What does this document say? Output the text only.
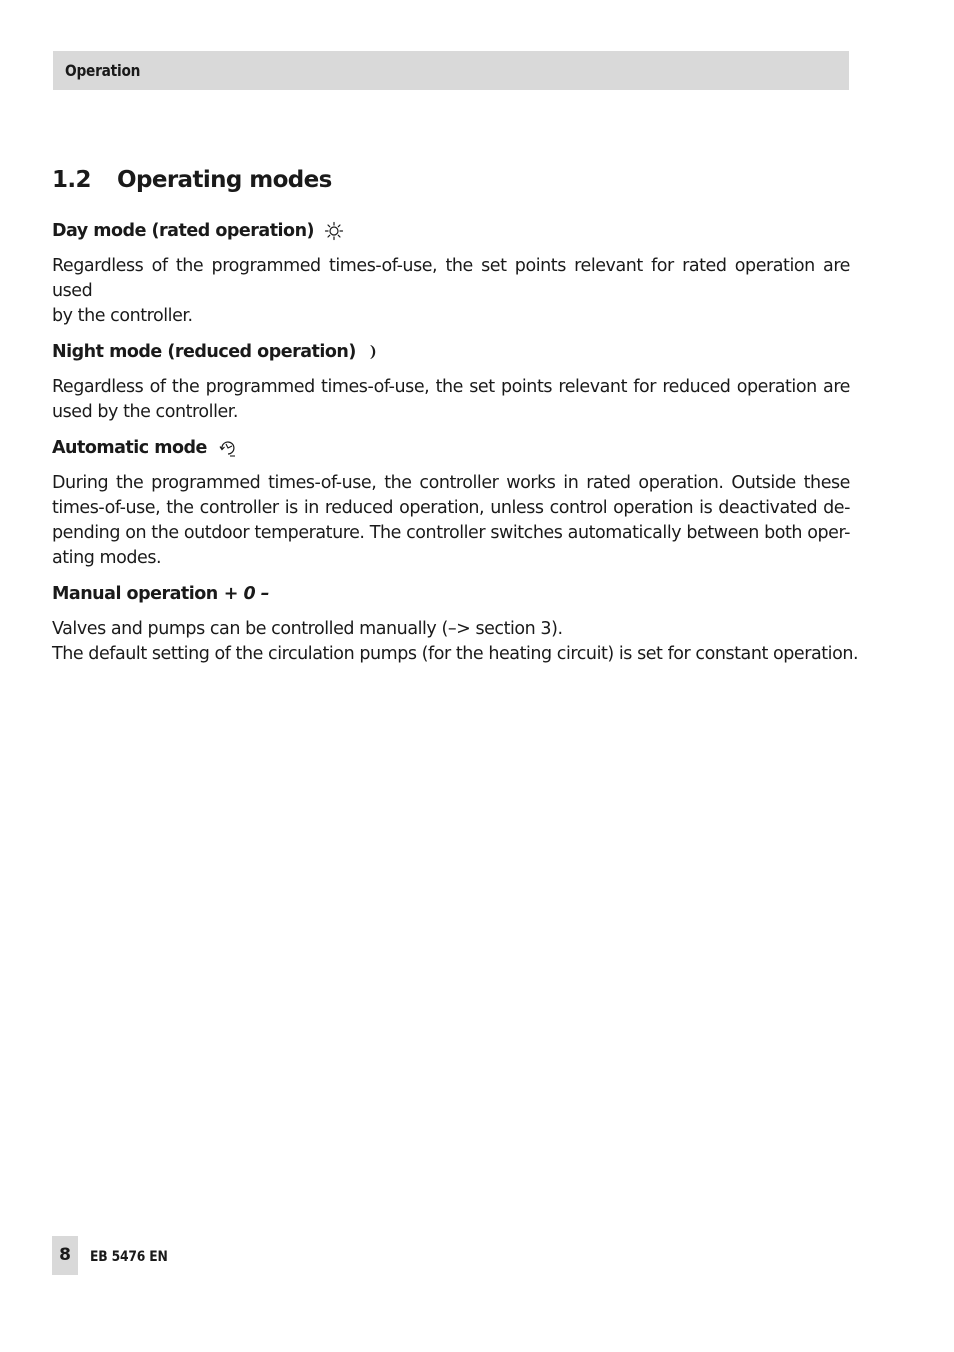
Operation
1.2	Operating modes
Day mode (rated operation)
Regardless of the programmed times-of-use, the set points relevant for rated operation are used
by the controller.
Night mode (reduced operation)
Regardless of the programmed times-of-use, the set points relevant for reduced operation are
used by the controller.
Automatic mode
During the programmed times-of-use, the controller works in rated operation. Outside these
times-of-use, the controller is in reduced operation, unless control operation is deactivated de-
pending on the outdoor temperature. The controller switches automatically between both oper-
ating modes.
Manual operation + 0 –
Valves and pumps can be controlled manually (–> section 3).
The default setting of the circulation pumps (for the heating circuit) is set for constant operation.
8	EB 5476 EN
